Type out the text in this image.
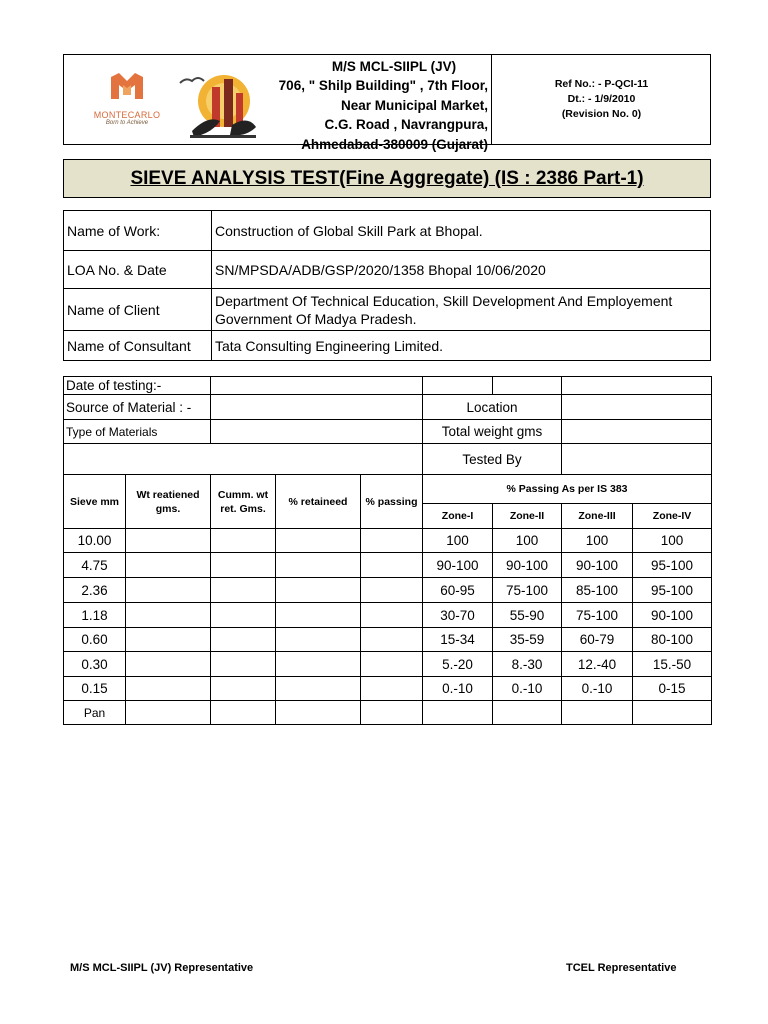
MONTECARLO
Born to Achieve
M/S MCL-SIIPL (JV)
706, " Shilp Building" , 7th Floor,
Near Municipal Market,
C.G. Road , Navrangpura,
Ahmedabad-380009 (Gujarat)
Ref No.: - P-QCI-11
Dt.: - 1/9/2010
(Revision No. 0)
SIEVE ANALYSIS TEST(Fine Aggregate) (IS : 2386 Part-1)
Name of Work:	Construction of Global Skill Park at Bhopal.
LOA No. & Date	SN/MPSDA/ADB/GSP/2020/1358 Bhopal 10/06/2020
Name of Client	Department Of Technical Education, Skill Development And Employement Government Of Madya Pradesh.
Name of Consultant	Tata Consulting Engineering Limited.
Date of testing:-								
Source of Material : -					Location			
Type of Materials					Total weight gms			
					Tested By			
Sieve mm	Wt reatiened gms.	Cumm. wt ret. Gms.	% retaineed	% passing	% Passing As per IS 383			
					Zone-I	Zone-II	Zone-III	Zone-IV
10.00					100	100	100	100
4.75					90-100	90-100	90-100	95-100
2.36					60-95	75-100	85-100	95-100
1.18					30-70	55-90	75-100	90-100
0.60					15-34	35-59	60-79	80-100
0.30					5.-20	8.-30	12.-40	15.-50
0.15					0.-10	0.-10	0.-10	0-15
Pan								
M/S MCL-SIIPL (JV) Representative	TCEL Representative
